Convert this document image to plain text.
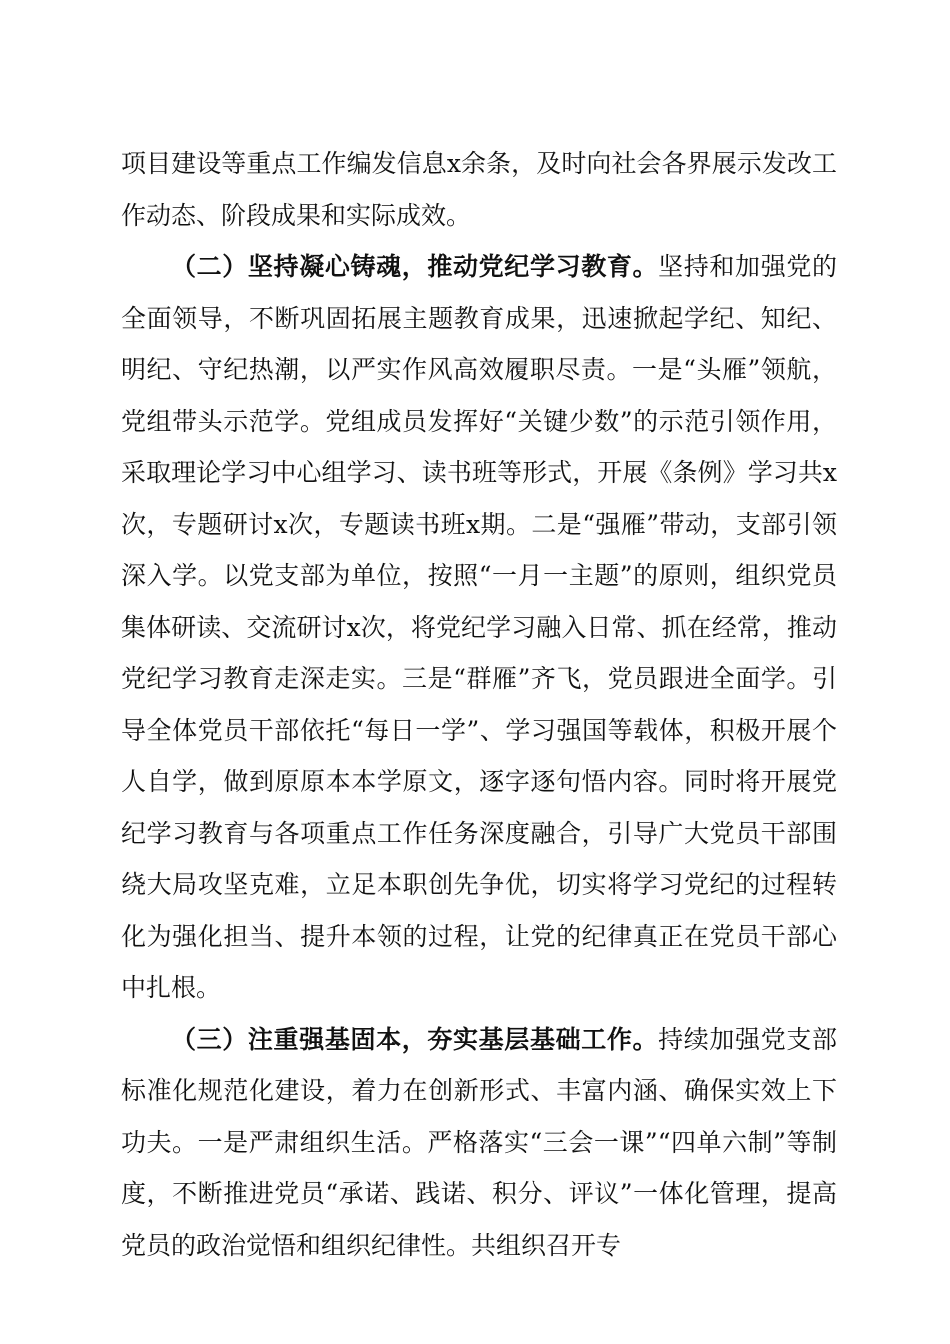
项目建设等重点工作编发信息x余条，及时向社会各界展示发改工作动态、阶段成果和实际成效。

（二）坚持凝心铸魂，推动党纪学习教育。坚持和加强党的全面领导，不断巩固拓展主题教育成果，迅速掀起学纪、知纪、明纪、守纪热潮，以严实作风高效履职尽责。一是“头雁”领航，党组带头示范学。党组成员发挥好“关键少数”的示范引领作用，采取理论学习中心组学习、读书班等形式，开展《条例》学习共x次，专题研讨x次，专题读书班x期。二是“强雁”带动，支部引领深入学。以党支部为单位，按照“一月一主题”的原则，组织党员集体研读、交流研讨x次，将党纪学习融入日常、抓在经常，推动党纪学习教育走深走实。三是“群雁”齐飞，党员跟进全面学。引导全体党员干部依托“每日一学”、学习强国等载体，积极开展个人自学，做到原原本本学原文，逐字逐句悟内容。同时将开展党纪学习教育与各项重点工作任务深度融合，引导广大党员干部围绕大局攻坚克难，立足本职创先争优，切实将学习党纪的过程转化为强化担当、提升本领的过程，让党的纪律真正在党员干部心中扎根。

（三）注重强基固本，夯实基层基础工作。持续加强党支部标准化规范化建设，着力在创新形式、丰富内涵、确保实效上下功夫。一是严肃组织生活。严格落实“三会一课”“四单六制”等制度，不断推进党员“承诺、践诺、积分、评议”一体化管理，提高党员的政治觉悟和组织纪律性。共组织召开专
